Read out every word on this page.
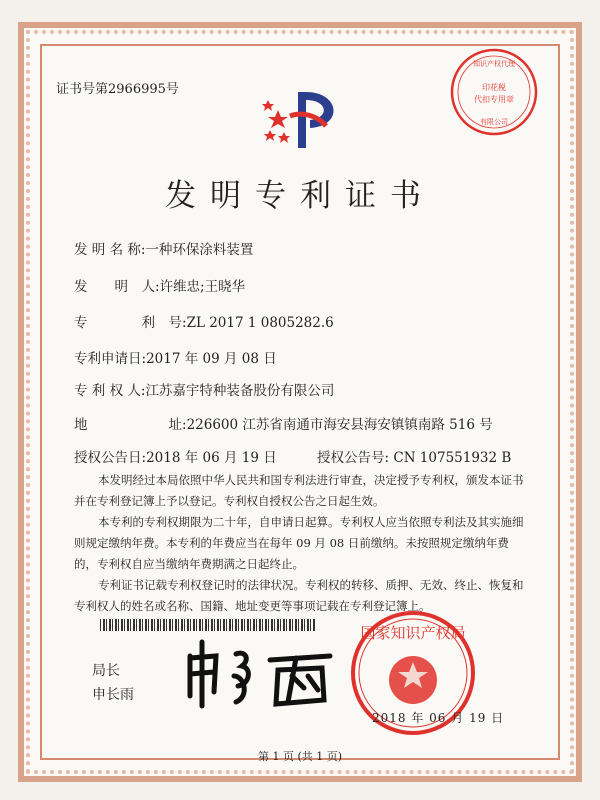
证书号第2966995号	印花税
代扣专用章
知识产权代理
有限公司
发明专利证书
发 明 名 称:一种环保涂料装置
发　　明　人:许维忠;王晓华
专　　　　利　号:ZL 2017 1 0805282.6
专利申请日:2017 年 09 月 08 日
专 利 权 人:江苏嘉宇特种装备股份有限公司
地　　　　　　址:226600 江苏省南通市海安县海安镇镇南路 516 号
授权公告日:2018 年 06 月 19 日	授权公告号: CN 107551932 B

本发明经过本局依照中华人民共和国专利法进行审查，决定授予专利权，颁发本证书并在专利登记簿上予以登记。专利权自授权公告之日起生效。

本专利的专利权期限为二十年，自申请日起算。专利权人应当依照专利法及其实施细则规定缴纳年费。本专利的年费应当在每年 09 月 08 日前缴纳。未按照规定缴纳年费的，专利权自应当缴纳年费期满之日起终止。

专利证书记载专利权登记时的法律状况。专利权的转移、质押、无效、终止、恢复和专利权人的姓名或名称、国籍、地址变更等事项记载在专利登记簿上。

局长
申长雨
国家知识产权局
2018 年 06 月 19 日
第 1 页 (共 1 页)
